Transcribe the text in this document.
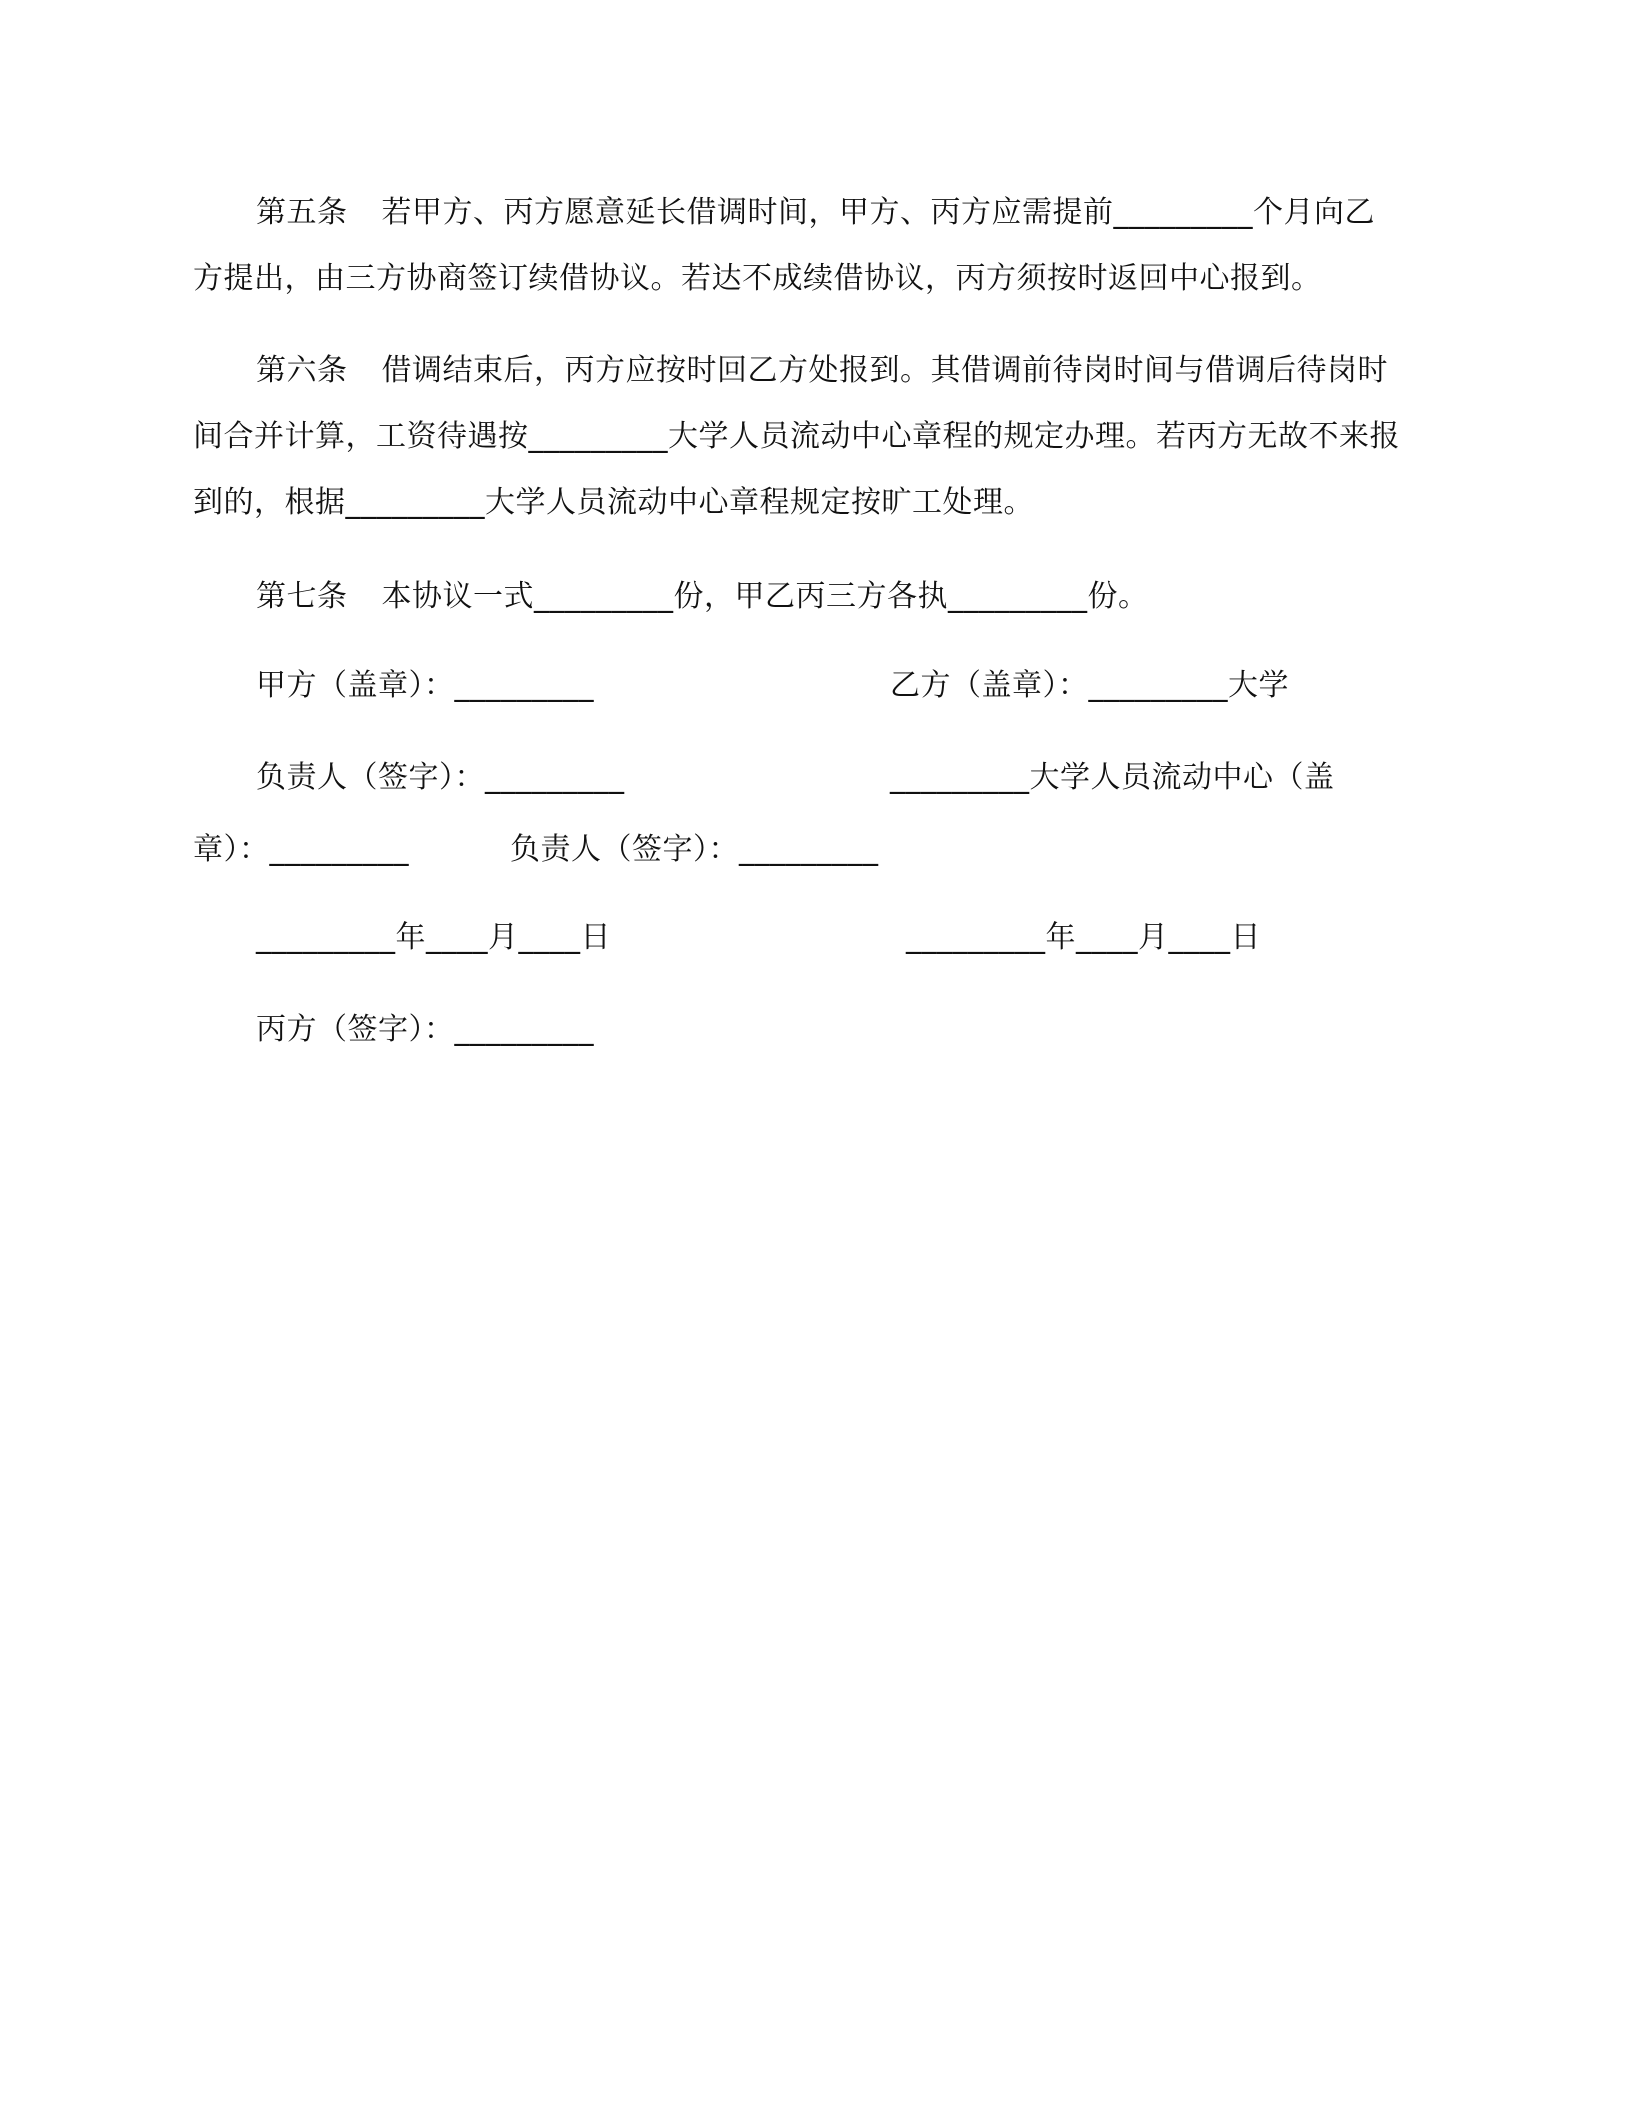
第五条 若甲方、丙方愿意延长借调时间，甲方、丙方应需提前_________个月向乙方提出，由三方协商签订续借协议。若达不成续借协议，丙方须按时返回中心报到。
第六条 借调结束后，丙方应按时回乙方处报到。其借调前待岗时间与借调后待岗时间合并计算，工资待遇按_________大学人员流动中心章程的规定办理。若丙方无故不来报到的，根据_________大学人员流动中心章程规定按旷工处理。
第七条 本协议一式_________份，甲乙丙三方各执_________份。
甲方（盖章）：_________	乙方（盖章）：_________大学
负责人（签字）：_________	_________大学人员流动中心（盖
章）：_________	负责人（签字）：_________
_________年____月____日	_________年____月____日
丙方（签字）：_________
